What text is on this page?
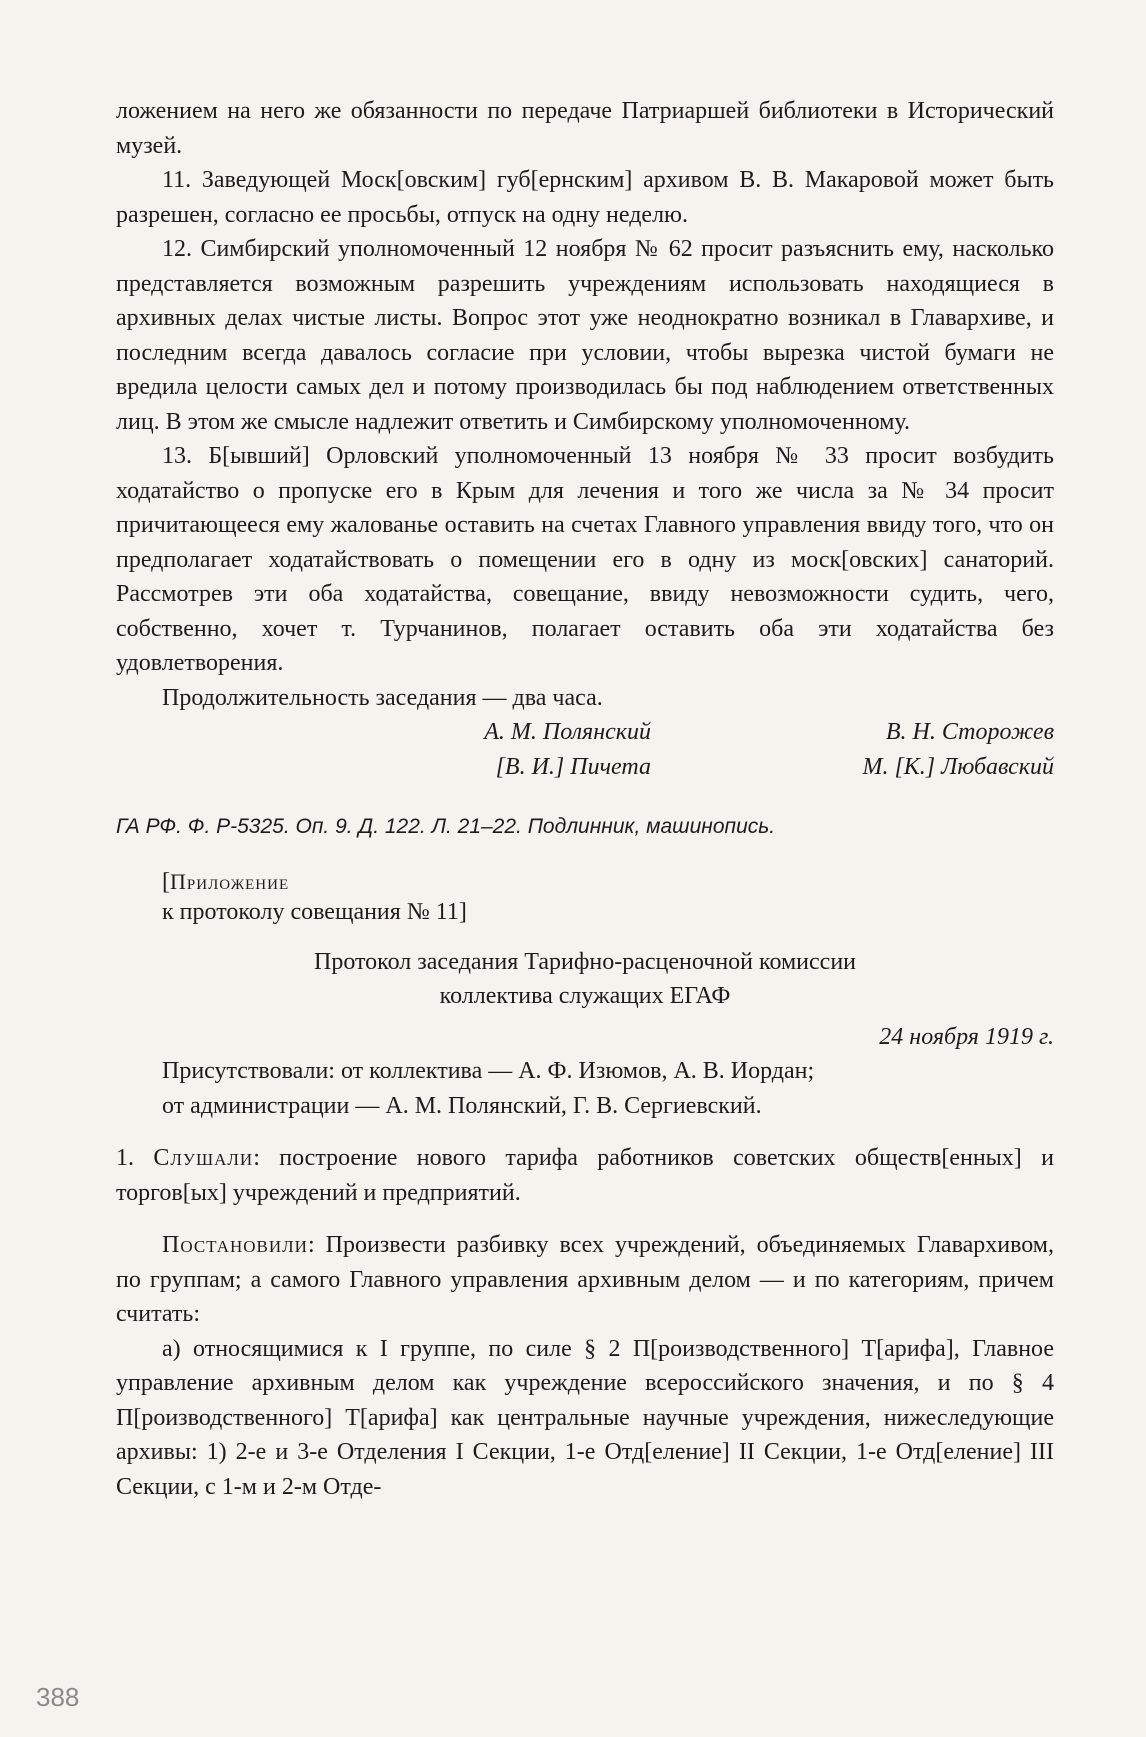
ложением на него же обязанности по передаче Патриаршей библиотеки в Исторический музей.

11. Заведующей Моск[овским] губ[ернским] архивом В. В. Макаровой может быть разрешен, согласно ее просьбы, отпуск на одну неделю.

12. Симбирский уполномоченный 12 ноября № 62 просит разъяснить ему, насколько представляется возможным разрешить учреждениям использовать находящиеся в архивных делах чистые листы. Вопрос этот уже неоднократно возникал в Главархиве, и последним всегда давалось согласие при условии, чтобы вырезка чистой бумаги не вредила целости самых дел и потому производилась бы под наблюдением ответственных лиц. В этом же смысле надлежит ответить и Симбирскому уполномоченному.

13. Б[ывший] Орловский уполномоченный 13 ноября № 33 просит возбудить ходатайство о пропуске его в Крым для лечения и того же числа за № 34 просит причитающееся ему жалованье оставить на счетах Главного управления ввиду того, что он предполагает ходатайствовать о помещении его в одну из моск[овских] санаторий. Рассмотрев эти оба ходатайства, совещание, ввиду невозможности судить, чего, собственно, хочет т. Турчанинов, полагает оставить оба эти ходатайства без удовлетворения.

Продолжительность заседания — два часа.

А. М. Полянский	В. Н. Сторожев
[В. И.] Пичета	М. [К.] Любавский

ГА РФ. Ф. Р-5325. Оп. 9. Д. 122. Л. 21–22. Подлинник, машинопись.

[Приложение
к протоколу совещания № 11]
Протокол заседания Тарифно-расценочной комиссии
коллектива служащих ЕГАФ
24 ноября 1919 г.
Присутствовали: от коллектива — А. Ф. Изюмов, А. В. Иордан;
от администрации — А. М. Полянский, Г. В. Сергиевский.

1. Слушали: построение нового тарифа работников советских обществ[енных] и торгов[ых] учреждений и предприятий.

Постановили: Произвести разбивку всех учреждений, объединяемых Главархивом, по группам; а самого Главного управления архивным делом — и по категориям, причем считать:

а) относящимися к I группе, по силе § 2 П[роизводственного] Т[арифа], Главное управление архивным делом как учреждение всероссийского значения, и по § 4 П[роизводственного] Т[арифа] как центральные научные учреждения, нижеследующие архивы: 1) 2-е и 3-е Отделения I Секции, 1-е Отд[еление] II Секции, 1-е Отд[еление] III Секции, с 1-м и 2-м Отде-

388
